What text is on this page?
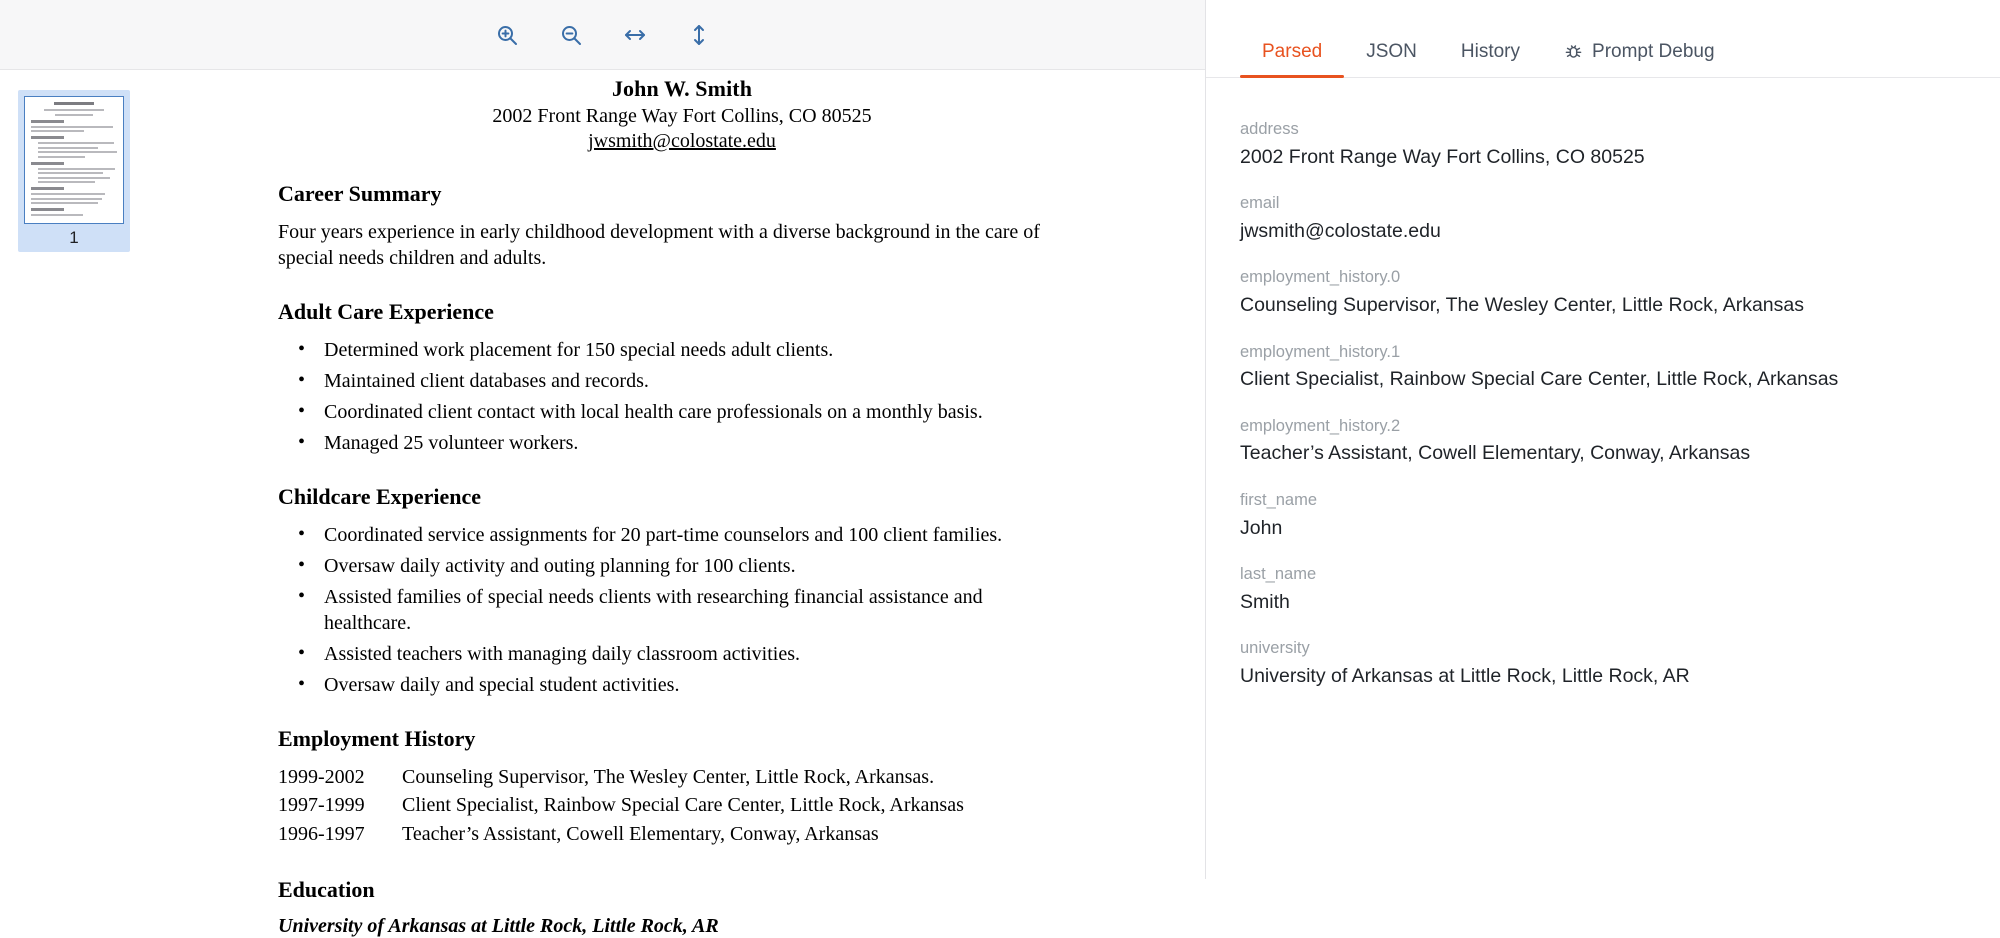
1
John W. Smith
2002 Front Range Way Fort Collins, CO 80525
jwsmith@colostate.edu
Career Summary

Four years experience in early childhood development with a diverse background in the care of special needs children and adults.

Adult Care Experience
• Determined work placement for 150 special needs adult clients.
• Maintained client databases and records.
• Coordinated client contact with local health care professionals on a monthly basis.
• Managed 25 volunteer workers.
Childcare Experience
• Coordinated service assignments for 20 part-time counselors and 100 client families.
• Oversaw daily activity and outing planning for 100 clients.
• Assisted families of special needs clients with researching financial assistance and healthcare.
• Assisted teachers with managing daily classroom activities.
• Oversaw daily and special student activities.
Employment History
1999-2002	Counseling Supervisor, The Wesley Center, Little Rock, Arkansas.
1997-1999	Client Specialist, Rainbow Special Care Center, Little Rock, Arkansas
1996-1997	Teacher’s Assistant, Cowell Elementary, Conway, Arkansas
Education
University of Arkansas at Little Rock, Little Rock, AR
Parsed	JSON	History	Prompt Debug
address
2002 Front Range Way Fort Collins, CO 80525
email
jwsmith@colostate.edu
employment_history.0
Counseling Supervisor, The Wesley Center, Little Rock, Arkansas
employment_history.1
Client Specialist, Rainbow Special Care Center, Little Rock, Arkansas
employment_history.2
Teacher’s Assistant, Cowell Elementary, Conway, Arkansas
first_name
John
last_name
Smith
university
University of Arkansas at Little Rock, Little Rock, AR
